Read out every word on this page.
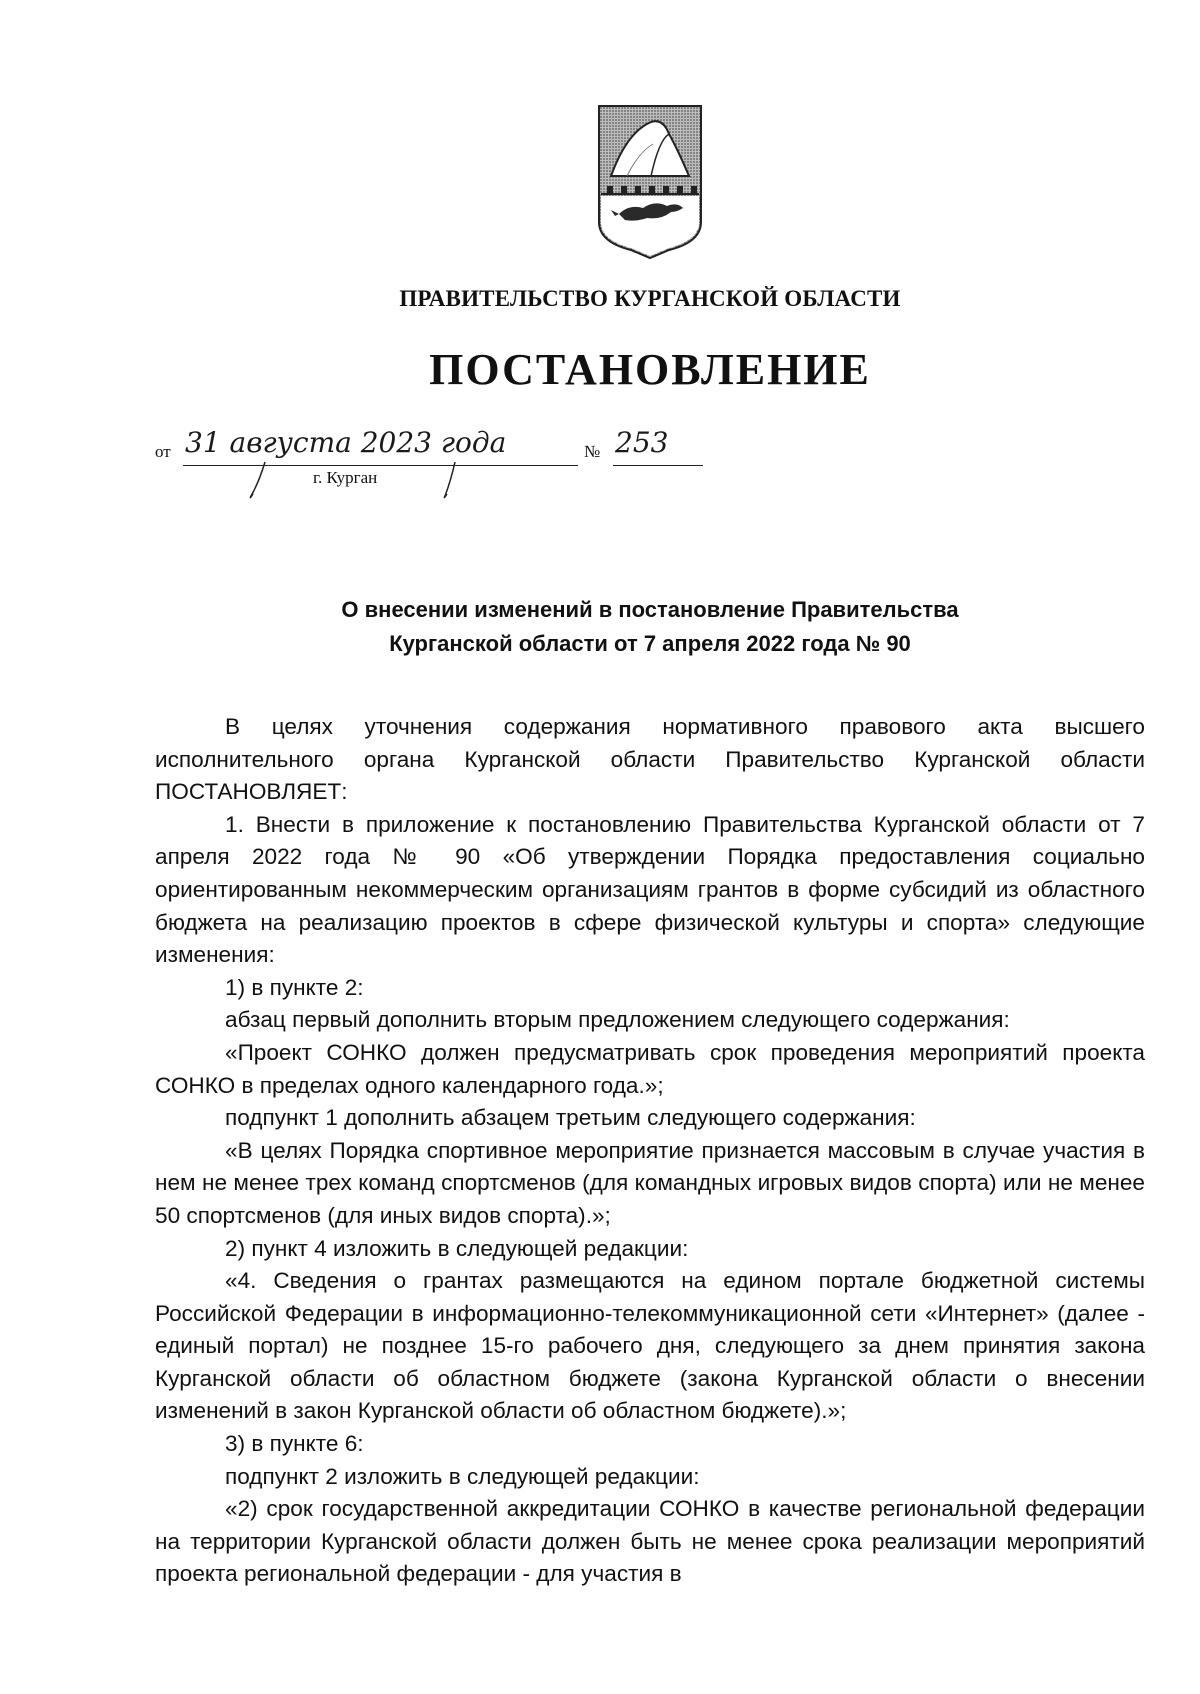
ПРАВИТЕЛЬСТВО КУРГАНСКОЙ ОБЛАСТИ
ПОСТАНОВЛЕНИЕ
от 31 августа 2023 года	№ 253
г. Курган
О внесении изменений в постановление Правительства
Курганской области от 7 апреля 2022 года № 90

В целях уточнения содержания нормативного правового акта высшего исполнительного органа Курганской области Правительство Курганской области ПОСТАНОВЛЯЕТ:

1. Внести в приложение к постановлению Правительства Курганской области от 7 апреля 2022 года № 90 «Об утверждении Порядка предоставления социально ориентированным некоммерческим организациям грантов в форме субсидий из областного бюджета на реализацию проектов в сфере физической культуры и спорта» следующие изменения:

1) в пункте 2:

абзац первый дополнить вторым предложением следующего содержания:

«Проект СОНКО должен предусматривать срок проведения мероприятий проекта СОНКО в пределах одного календарного года.»;

подпункт 1 дополнить абзацем третьим следующего содержания:

«В целях Порядка спортивное мероприятие признается массовым в случае участия в нем не менее трех команд спортсменов (для командных игровых видов спорта) или не менее 50 спортсменов (для иных видов спорта).»;

2) пункт 4 изложить в следующей редакции:

«4. Сведения о грантах размещаются на едином портале бюджетной системы Российской Федерации в информационно-телекоммуникационной сети «Интернет» (далее - единый портал) не позднее 15-го рабочего дня, следующего за днем принятия закона Курганской области об областном бюджете (закона Курганской области о внесении изменений в закон Курганской области об областном бюджете).»;

3) в пункте 6:

подпункт 2 изложить в следующей редакции:

«2) срок государственной аккредитации СОНКО в качестве региональной федерации на территории Курганской области должен быть не менее срока реализации мероприятий проекта региональной федерации - для участия в
